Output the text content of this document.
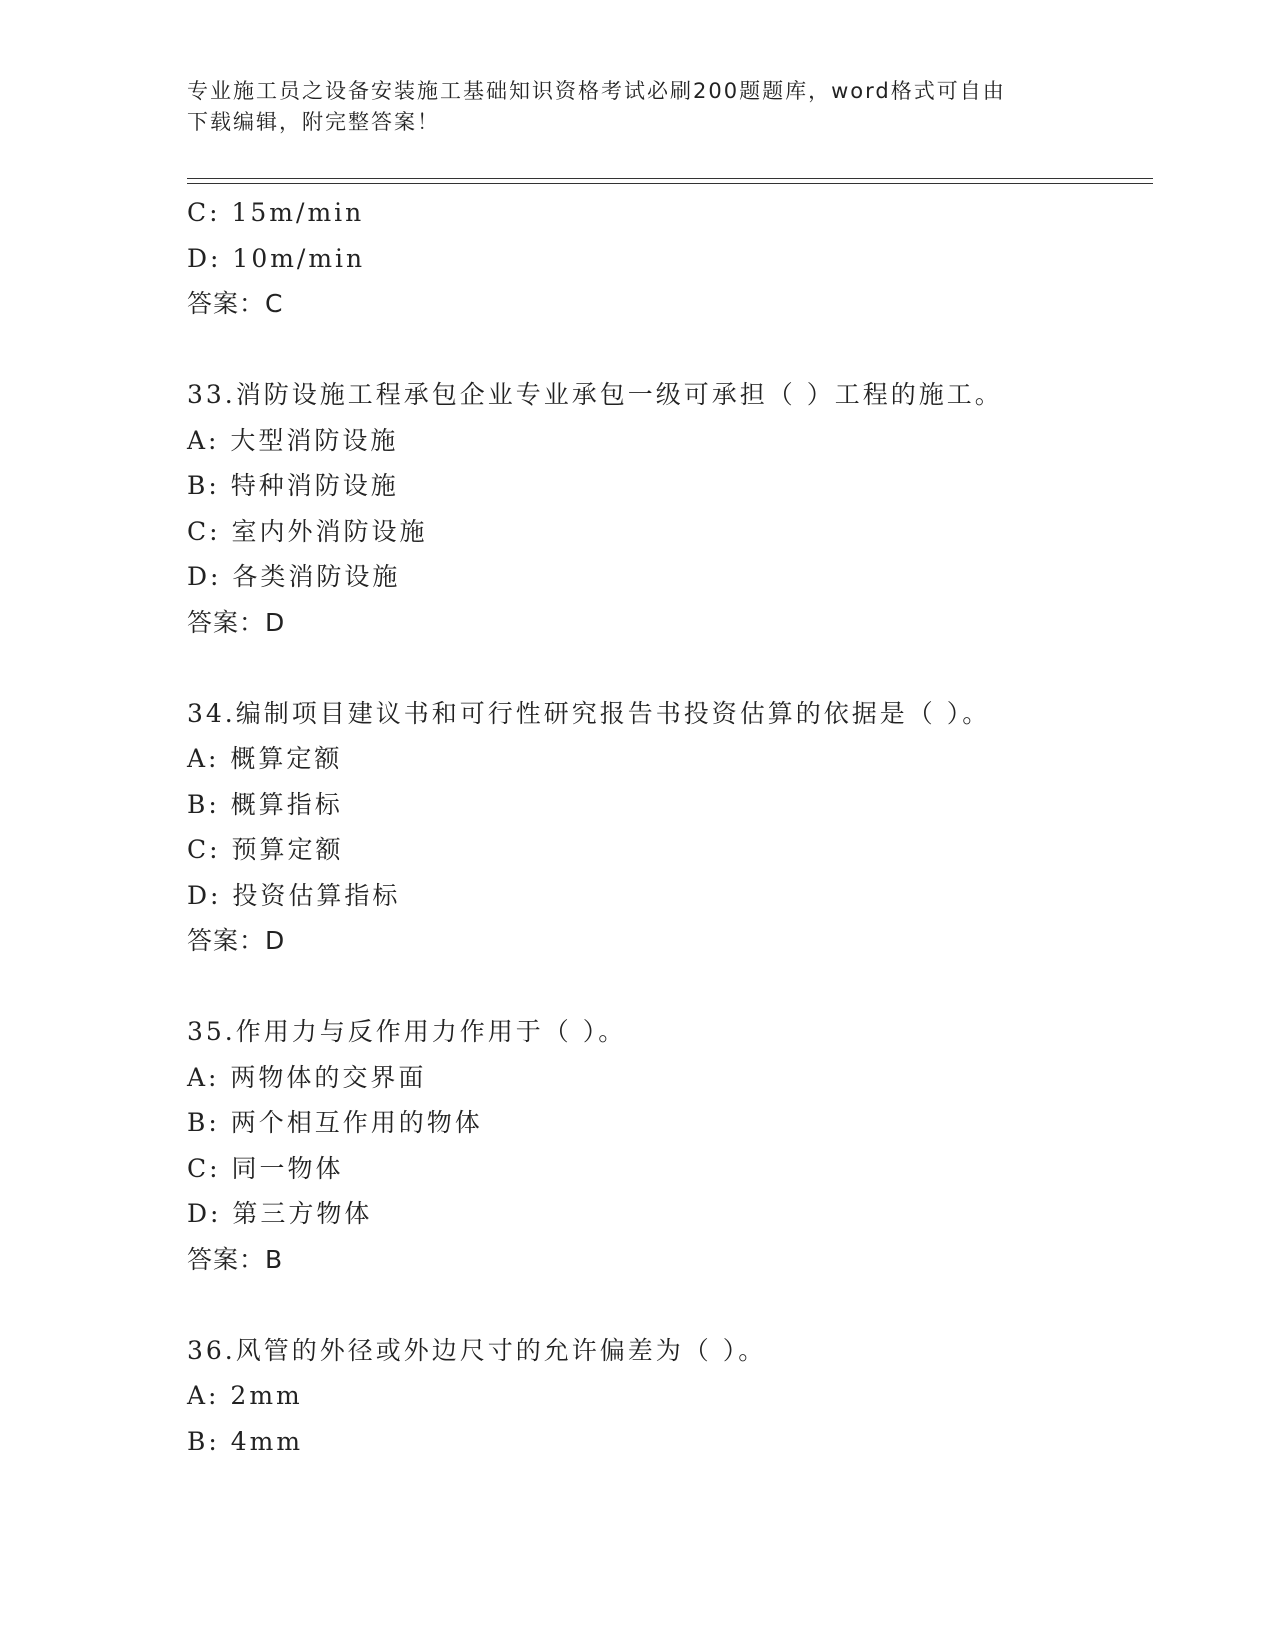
专业施工员之设备安装施工基础知识资格考试必刷200题题库，word格式可自由
下载编辑，附完整答案！
C: 15m/min
D: 10m/min
答案：C
33.消防设施工程承包企业专业承包一级可承担（ ）工程的施工。
A: 大型消防设施
B: 特种消防设施
C: 室内外消防设施
D: 各类消防设施
答案：D
34.编制项目建议书和可行性研究报告书投资估算的依据是（ ）。
A: 概算定额
B: 概算指标
C: 预算定额
D: 投资估算指标
答案：D
35.作用力与反作用力作用于（ ）。
A: 两物体的交界面
B: 两个相互作用的物体
C: 同一物体
D: 第三方物体
答案：B
36.风管的外径或外边尺寸的允许偏差为（ ）。
A: 2mm
B: 4mm
